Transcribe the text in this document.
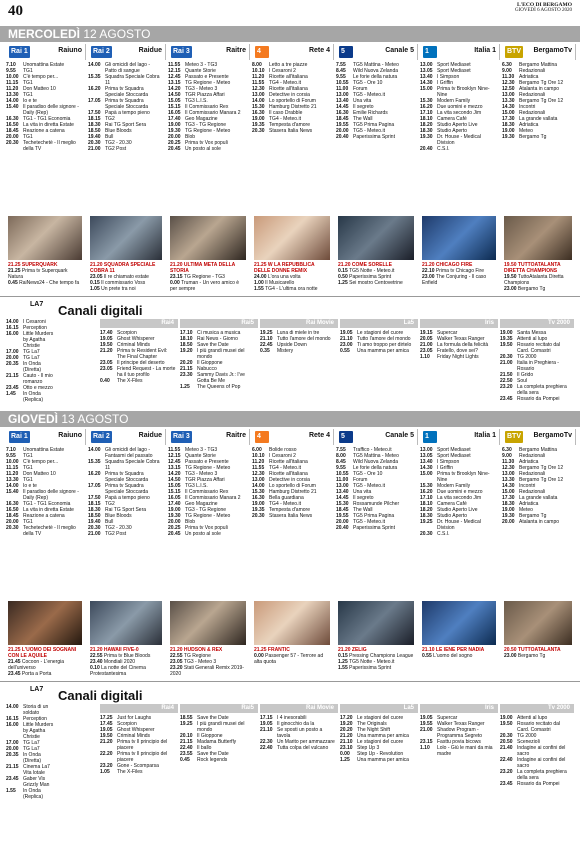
40	L'ECO DI BERGAMO
GIOVEDÌ 6 AGOSTO 2020
MERCOLEDÌ 12 AGOSTO
Rai 1	Raiuno Rai 2	Raidue Rai 3	Raitre 4	Rete 4 5	Canale 5 1	Italia 1 BTV BergamoTv
7.10	Unomattina Estate
9.55	TG1
10.00 C'è tempo per...
11.15 TG1
11.20 Don Matteo 10
13.30 TG1
14.00 Io e te
15.40 Il paradiso delle signore - Daily (Rep)
16.30 TG1 - TG1 Economia
16.50 La vita in diretta Estate
18.45 Reazione a catena
20.00 TG1
20.30 Techetechetè - Il meglio della TV
14.00 Gli omicidi del lago - Patto di sangue
15.35 Squadra Speciale Cobra 11
16.20 Prima tv Squadra Speciale Stoccarda
17.05 Prima tv Squadra Speciale Stoccarda
17.50 Papà a tempo pieno
18.15 TG2
18.30 Rai TG Sport Sera
18.50 Blue Bloods
19.40 Bull
20.30 TG2 - 20.30
21.00 TG2 Post
11.55 Meteo 3 - TG3
12.15 Quante Storie
12.45 Passato e Presente
13.15 TG Regione - Meteo
14.20 TG3 - Meteo 3
14.50 TGR Piazza Affari
15.05 TG3 L.I.S.
15.15 Il Commissario Rex
16.05 Il Commissario Manara 2
17.40 Geo Magazine
19.00 TG3 - TG Regione
19.30 TG Regione - Meteo
20.00 Blob
20.25 Prima tv Vox populi
20.45 Un posto al sole
8.00	Letto a tre piazze
10.10 I Cesaroni 2
11.20 Ricette all'italiana
11.55 TG4 - Meteo.it
12.30 Ricette all'italiana
13.00 Detective in corsia
14.00 Lo sportello di Forum
15.30 Hamburg Distretto 21
16.30 Il caso Drabble
19.00 TG4 - Meteo.it
19.35 Tempesta d'amore
20.30 Stasera Italia News
7.55	TG5 Mattina - Meteo
8.45	Wild Nuova Zelanda
9.55	Le forie della natura
10.55 TG5 - Ore 10
11.00 Forum
13.00 TG5 - Meteo.it
13.40 Una vita
14.45 Il segreto
16.30 Emilie Richards
18.45 The Wall
19.55 TG5 Prima Pagina
20.00 TG5 - Meteo.it
20.40 Paperissima Sprint
13.00 Sport Mediaset
13.05 Sport Mediaset
13.40 I Simpson
14.30 I Griffin
15.00 Prima tv Brooklyn Nine-Nine
15.30 Modern Family
16.20 Due uomini e mezzo
17.10 La vita secondo Jim
18.10 Camera Café
18.20 Studio Aperto Live
18.30 Studio Aperto
19.30 Dr. House - Medical Division
20.40 C.S.I.
6.30	Bergamo Mattina
9.00	Redazionali
11.30 Adriatica
12.30 Bergamo Tg Ore 12
12.50 Atalanta in campo
13.00 Redazionali
13.30 Bergamo Tg Ore 12
14.30 Incontri
15.00 Redazionali
17.30 La grande vallata
18.30 Adriatica
19.00 Meteo
19.30 Bergamo Tg
21.25 SUPERQUARK
21.25 Prima tv Superquark Natura
0.45 RaiNews24 - Che tempo fa
21.20 SQUADRA SPECIALE COBRA 11
23.05 Il re chiamato estate
0.15 Il commissario Voss
1.05 Un prete tra noi
21.20 ULTIMA META DELLA STORIA
23.15 TG Regione - TG3
0.00 Truman - Un vero amico è per sempre
21.25 W LA REPUBBLICA DELLE DONNE REMIX
24.00 L'ora una volta
1.00 Il Musicarello
1.55 TG4 - L'ultima ora notte
21.20 COME SORELLE
0.15 TG5 Notte - Meteo.it
0.50 Paperissima Sprint
1.25 Sei mostro Centovetrine
21.20 CHICAGO FIRE
22.10 Prima tv Chicago Fire
23.00 The Conjuring - Il caso Enfield
19.50 TUTTOATALANTA DIRETTA CHAMPIONS
19.50 TuttoAtalanta Diretta Champions
23.00 Bergamo Tg
LA7 Canali digitali
14.00 I Cesaroni
16.15 Perception
16.00 Little Murders by Agatha Christie
17.00 TG La7
20.00 TG La7
20.35 In Onda (Diretta)
21.15 Cauto - Il mio romanzo
23.45 Otto e mezzo
1.45	In Onda (Replica)
Rai4
17.40 Scorpion
19.05 Ghost Whisperer
19.50 Criminal Minds
21.20 Prima tv Resident Evil: The Final Chapter
23.05 Il principe del deserto
23.05 Friend Request - La morte ha il tuo profilo
0.40	The X-Files
Rai5
17.10 Ci musica a musica
18.10 Rai News - Giorno
18.50 Save the Date
19.20 I più grandi musei del mondo
20.20 Il Gioppone
21.15 Nabucco
23.30 Sammy Davis Jr.: I've Gotta Be Me
1.25	The Queens of Pop
Rai Movie
19.25 Luna di miele in tre
21.10 Tutto l'amore del mondo
22.45 Upside Down
0.35	Mistery
La5
19.05 Le stagioni del cuore
21.10 Tutto l'amore del mondo
23.00 Ti amo troppo per dirtelo
0.55	Una mamma per amica
Iris
19.15 Supercar
20.05 Walker Texas Ranger
21.00 La formula della felicità
23.05 Fratello, dove sei?
1.10	Friday Night Lights
Tv 2000
19.00 Santa Messa
19.35 Attenti al lupo
19.50 Rosario recitato dal Card. Comastri
20.30 TG 2000
21.00 Italia in Preghiera - Rosario
21.50 Il Grido
22.50 Soul
23.20 La completa preghiera della sera
23.45 Rosario da Pompei
GIOVEDÌ 13 AGOSTO
Rai 1	Raiuno Rai 2	Raidue Rai 3	Raitre 4	Rete 4 5	Canale 5 1	Italia 1 BTV BergamoTv
7.10	Unomattina Estate
9.55	TG1
10.00 C'è tempo per...
11.15 TG1
11.20 Don Matteo 10
13.30 TG1
14.00 Io e te
15.40 Il paradiso delle signore - Daily (Rep)
16.30 TG1 - TG1 Economia
16.50 La vita in diretta Estate
18.45 Reazione a catena
20.00 TG1
20.30 Techetechetè - Il meglio della TV
14.00 Gli omicidi del lago - Fantasmi del passato
15.35 Squadra Speciale Cobra 11
16.20 Prima tv Squadra Speciale Stoccarda
17.05 Prima tv Squadra Speciale Stoccarda
17.50 Papà a tempo pieno
18.15 TG2
18.30 Rai TG Sport Sera
18.50 Blue Bloods
19.40 Bull
20.30 TG2 - 20.30
21.00 TG2 Post
11.55 Meteo 3 - TG3
12.15 Quante Storie
12.45 Passato e Presente
13.15 TG Regione - Meteo
14.20 TG3 - Meteo 3
14.50 TGR Piazza Affari
15.05 TG3 L.I.S.
15.15 Il Commissario Rex
16.05 Il Commissario Manara 2
17.40 Geo Magazine
19.00 TG3 - TG Regione
19.30 TG Regione - Meteo
20.00 Blob
20.25 Prima tv Vox populi
20.45 Un posto al sole
6.00	Bolide rosso
10.10 I Cesaroni 2
11.20 Ricette all'italiana
11.55 TG4 - Meteo.it
12.30 Ricette all'italiana
13.00 Detective in corsia
14.00 Lo sportello di Forum
15.30 Hamburg Distretto 21
16.30 Bella guardiana
19.00 TG4 - Meteo.it
19.35 Tempesta d'amore
20.30 Stasera Italia News
7.55	Traffico - Meteo.it
8.00	TG5 Mattina - Meteo
8.45	Wild Nuova Zelanda
9.55	Le forie della natura
10.55 TG5 - Ore 10
11.00 Forum
13.00 TG5 - Meteo.it
13.40 Una vita
14.45 Il segreto
15.30 Rossamunde Pilcher
18.45 The Wall
19.55 TG5 Prima Pagina
20.00 TG5 - Meteo.it
20.40 Paperissima Sprint
13.00 Sport Mediaset
13.05 Sport Mediaset
13.40 I Simpson
14.30 I Griffin
15.00 Prima tv Brooklyn Nine-Nine
15.30 Modern Family
16.20 Due uomini e mezzo
17.10 La vita secondo Jim
18.10 Camera Café
18.20 Studio Aperto Live
18.30 Studio Aperto
19.25 Dr. House - Medical Division
20.30 C.S.I.
6.30	Bergamo Mattina
9.00	Redazionali
11.30 Adriatica
12.30 Bergamo Tg Ore 12
13.00 Redazionali
13.30 Bergamo Tg Ore 12
14.30 Incontri
15.00 Redazionali
17.30 La grande vallata
18.30 Adriatica
19.00 Meteo
19.30 Bergamo Tg
20.00 Atalanta in campo
21.25 L'UOMO DEI SOGNANI CON LE AQUILE
21.45 Cocoon - L'energia dell'universo
23.45 Porta a Porta
21.20 HAWAII FIVE-0
22.55 Prima tv Blue Bloods
23.40 Mondiali 2020
0.10 La notte del Cinema Protestantesima
21.20 HUDSON & REX
22.55 TG Regione
23.05 TG3 - Meteo 3
23.20 Stati Generali Remix 2019-2020
21.25 FRANTIC
0.00 Passenger 57 - Terrore ad alta quota
21.20 ZELIG
0.15 Pressing Champions League
1.25 TG5 Notte - Meteo.it
1.55 Paperissima Sprint
21.10 LE IENE PER NADIA
0.55 L'uomo del sogno
20.50 TUTTOATALANTA
23.00 Bergamo Tg
LA7 Canali digitali
14.00 Storia di un soldato
16.15 Perception
16.00 Little Murders by Agatha Christie
17.00 TG La7
20.00 TG La7
20.35 In Onda (Diretta)
21.15 Cinema La7 Vita lotale
23.45 Gaber Vis Grizzly Man
1.55	In Onda (Replica)
Rai4
17.25 Just for Laughs
17.45 Scorpion
19.05 Ghost Whisperer
19.50 Criminal Minds
21.20 Prima tv Il principio del piacere
22.20 Prima tv Il principio del piacere
23.20 Gone - Scomparsa
1.05	The X-Files
Rai5
18.55 Save the Date
19.25 I più grandi musei del mondo
20.10 Il Gioppone
21.15 Madama Butterfly
22.40 Il ballo
23.55 Save the Date
0.45	Rock legends
Rai Movie
17.15 I 4 inesorabili
19.05 Il ginocchio da la
21.10 Se sposti un posto a tavola
22.30 Un Marito per ammazzare
22.40 Tutta colpa del vulcano
La5
17.20 Le stagioni del cuore
19.20 The Originals
20.20 The Night Shift
21.20 Una mamma per amica
21.10 Le stagioni del cuore
23.10 Step Up 3
0.00	Step Up - Revolution
1.25	Una mamma per amica
Iris
19.05 Supercar
19.55 Walker Texas Ranger
21.00 Shadow Program - Programma Segreto
23.15 Fasttu povia bicows
1.10	Lolo - Giù le mani da mia madre
Tv 2000
19.00 Attenti al lupo
19.50 Rosario recitato dal Card. Comastri
20.30 TG 2000
20.50 Scenezioli
21.40 Indagine ai confini del sacro
22.40 Indagine ai confini del sacro
23.20 La completa preghiera della sera
23.45 Rosario da Pompei
